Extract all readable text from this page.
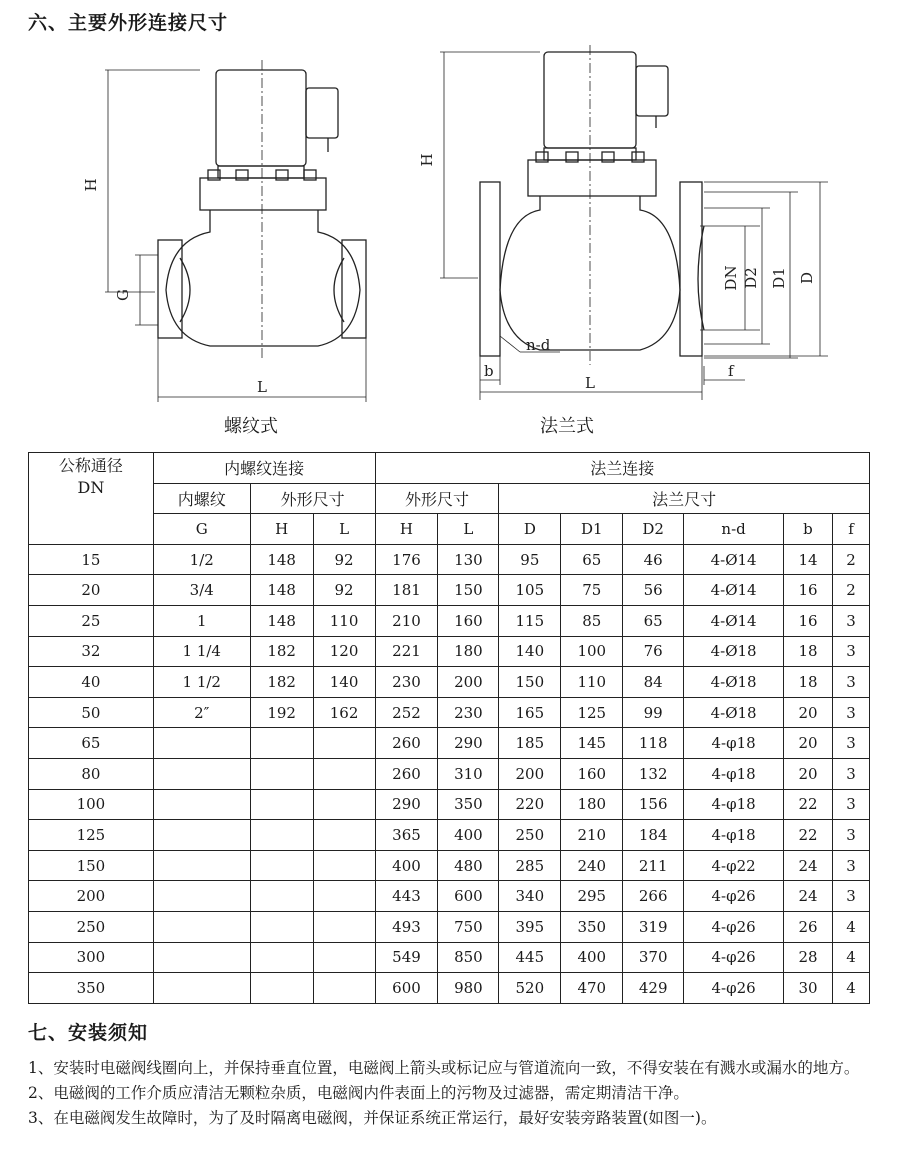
六、主要外形连接尺寸
H
G
L
H
DN D2 D1 D
n-d
b
L
f
螺纹式	法兰式
公称通径
DN	内螺纹连接			法兰连接							
	内螺纹	外形尺寸		外形尺寸		法兰尺寸					
	G	H	L	H	L	D	D1	D2	n-d	b	f
15	1/2	148	92	176	130	95	65	46	4-Ø14	14	2
20	3/4	148	92	181	150	105	75	56	4-Ø14	16	2
25	1	148	110	210	160	115	85	65	4-Ø14	16	3
32	1 1/4	182	120	221	180	140	100	76	4-Ø18	18	3
40	1 1/2	182	140	230	200	150	110	84	4-Ø18	18	3
50	2″	192	162	252	230	165	125	99	4-Ø18	20	3
65				260	290	185	145	118	4-φ18	20	3
80				260	310	200	160	132	4-φ18	20	3
100				290	350	220	180	156	4-φ18	22	3
125				365	400	250	210	184	4-φ18	22	3
150				400	480	285	240	211	4-φ22	24	3
200				443	600	340	295	266	4-φ26	24	3
250				493	750	395	350	319	4-φ26	26	4
300				549	850	445	400	370	4-φ26	28	4
350				600	980	520	470	429	4-φ26	30	4
七、安装须知

1、安装时电磁阀线圈向上，并保持垂直位置，电磁阀上箭头或标记应与管道流向一致，不得安装在有溅水或漏水的地方。

2、电磁阀的工作介质应清洁无颗粒杂质，电磁阀内件表面上的污物及过滤器，需定期清洁干净。

3、在电磁阀发生故障时，为了及时隔离电磁阀，并保证系统正常运行，最好安装旁路装置(如图一)。
